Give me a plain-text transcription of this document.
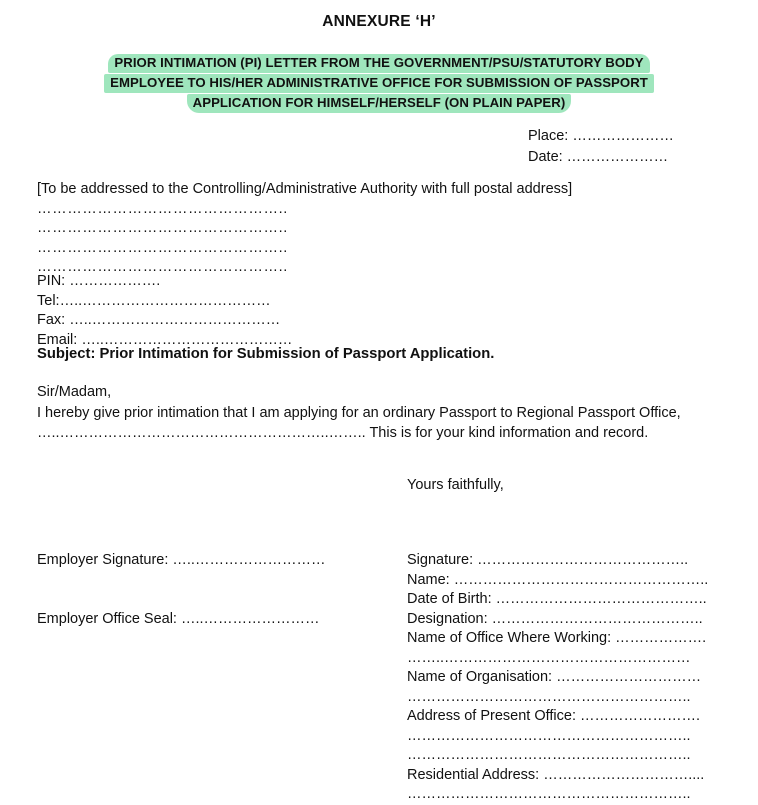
ANNEXURE ‘H’
PRIOR INTIMATION (PI) LETTER FROM THE GOVERNMENT/PSU/STATUTORY BODY
EMPLOYEE TO HIS/HER ADMINISTRATIVE OFFICE FOR SUBMISSION OF PASSPORT
APPLICATION FOR HIMSELF/HERSELF (ON PLAIN PAPER)
Place: …………………
Date: …………………
[To be addressed to the Controlling/Administrative Authority with full postal address]
…………………………………………..
…………………………………………..
…………………………………………..
…………………………………………..
PIN: ……………….
Tel:…..…………………………………
Fax: …..…………………………………
Email: …..…………………………………
Subject: Prior Intimation for Submission of Passport Application.
Sir/Madam,
I hereby give prior intimation that I am applying for an ordinary Passport to Regional Passport Office,
…..………………………………………………..…….. This is for your kind information and record.
Yours faithfully,
Employer Signature: …..………………………
Employer Office Seal: …..……………………
Signature: ……………………………………..
Name: ……………………………………………..
Date of Birth: ……………………………………..
Designation: ……………………………………..
Name of Office Where Working: ……………….
……..……………………………………………
Name of Organisation: …………………………
…………………………………………………..
Address of Present Office: …………………….
…………………………………………………..
…………………………………………………..
Residential Address: …………………………....
…………………………………………………..
